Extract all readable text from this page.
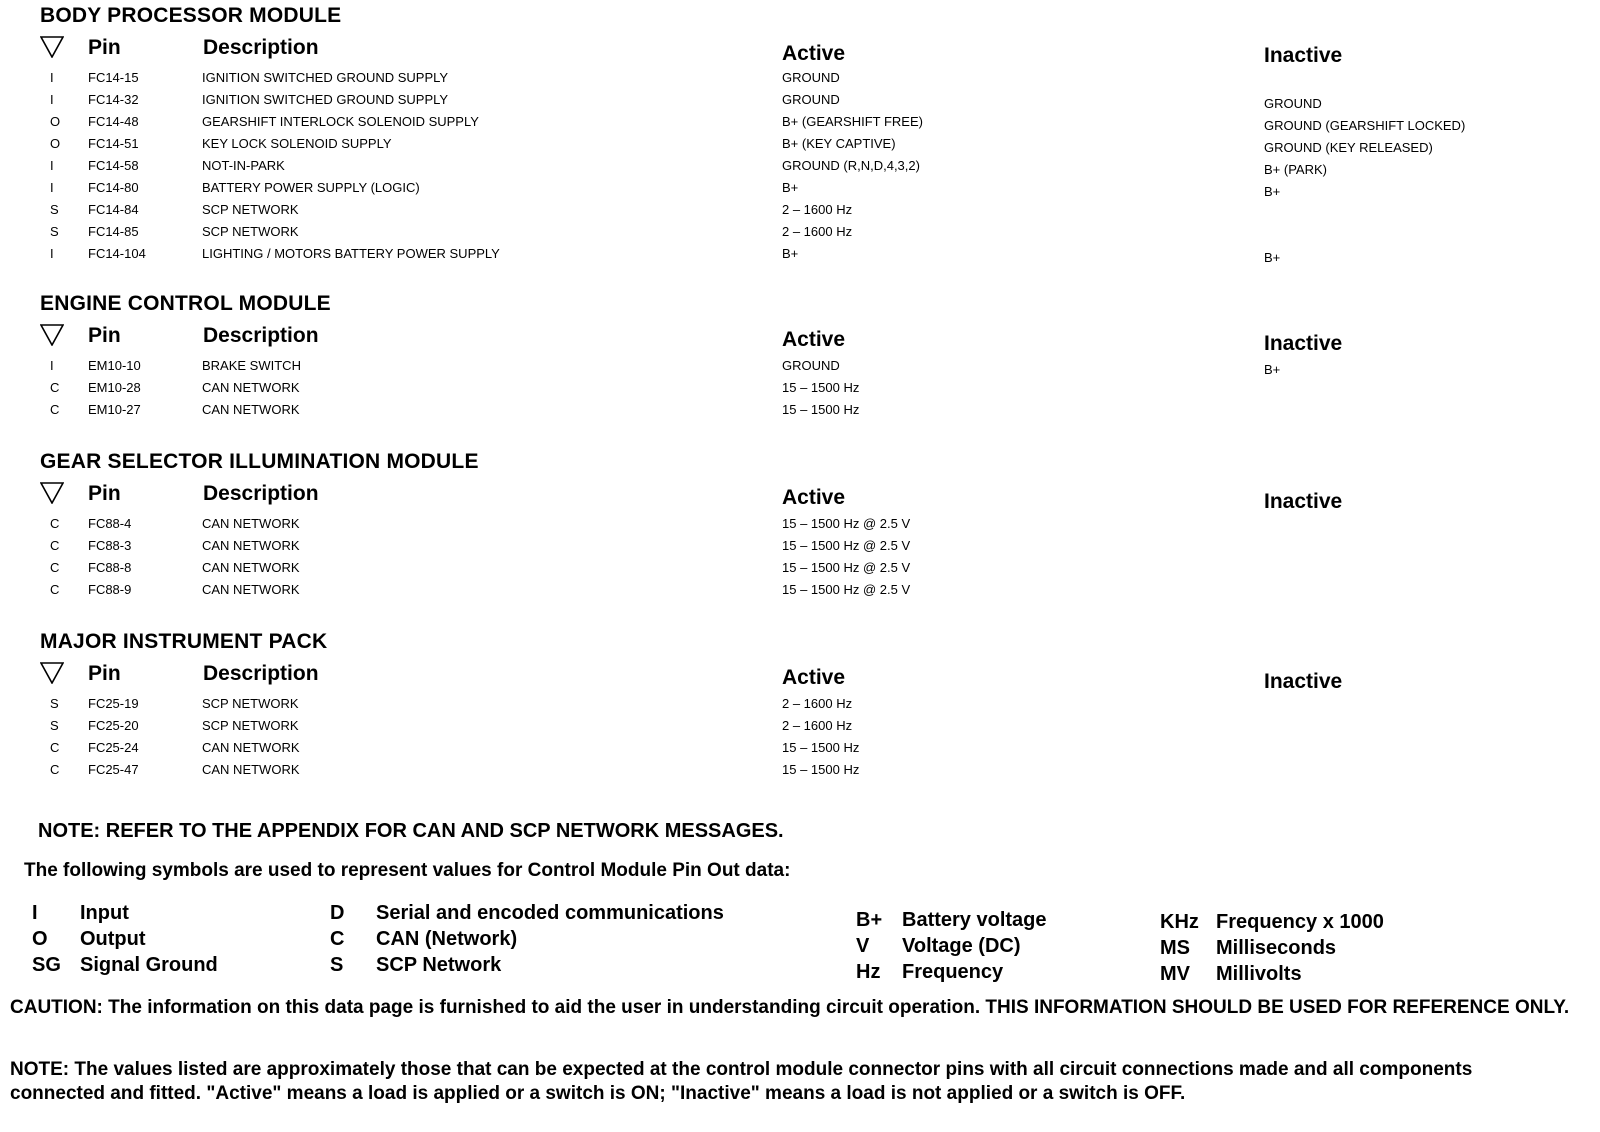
BODY PROCESSOR MODULE
Pin	Description	Active	Inactive
I	FC14-15	IGNITION SWITCHED GROUND SUPPLY	GROUND
I	FC14-32	IGNITION SWITCHED GROUND SUPPLY	GROUND	GROUND
O FC14-48	GEARSHIFT INTERLOCK SOLENOID SUPPLY	B+ (GEARSHIFT FREE)	GROUND (GEARSHIFT LOCKED)
O FC14-51	KEY LOCK SOLENOID SUPPLY	B+ (KEY CAPTIVE)	GROUND (KEY RELEASED)
I	FC14-58	NOT-IN-PARK	GROUND (R,N,D,4,3,2)	B+ (PARK)
I	FC14-80	BATTERY POWER SUPPLY (LOGIC)	B+	B+
S FC14-84	SCP NETWORK	2 – 1600 Hz
S FC14-85	SCP NETWORK	2 – 1600 Hz
I	FC14-104	LIGHTING / MOTORS BATTERY POWER SUPPLY	B+	B+
ENGINE CONTROL MODULE
Pin	Description	Active	Inactive
I	EM10-10	BRAKE SWITCH	GROUND	B+
C EM10-28	CAN NETWORK	15 – 1500 Hz
C EM10-27	CAN NETWORK	15 – 1500 Hz
GEAR SELECTOR ILLUMINATION MODULE
Pin	Description	Active	Inactive
C FC88-4	CAN NETWORK	15 – 1500 Hz @ 2.5 V
C FC88-3	CAN NETWORK	15 – 1500 Hz @ 2.5 V
C FC88-8	CAN NETWORK	15 – 1500 Hz @ 2.5 V
C FC88-9	CAN NETWORK	15 – 1500 Hz @ 2.5 V
MAJOR INSTRUMENT PACK
Pin	Description	Active	Inactive
S FC25-19	SCP NETWORK	2 – 1600 Hz
S FC25-20	SCP NETWORK	2 – 1600 Hz
C FC25-24	CAN NETWORK	15 – 1500 Hz
C FC25-47	CAN NETWORK	15 – 1500 Hz
NOTE: REFER TO THE APPENDIX FOR CAN AND SCP NETWORK MESSAGES.
The following symbols are used to represent values for Control Module Pin Out data:
I Input
O Output
SG Signal Ground
D Serial and encoded communications
C CAN (Network)
S SCP Network
B+ Battery voltage
V Voltage (DC)
Hz Frequency
KHz Frequency x 1000
MS Milliseconds
MV Millivolts
CAUTION: The information on this data page is furnished to aid the user in understanding circuit operation. THIS INFORMATION SHOULD BE USED FOR REFERENCE ONLY.
NOTE: The values listed are approximately those that can be expected at the control module connector pins with all circuit connections made and all components connected and fitted. "Active" means a load is applied or a switch is ON; "Inactive" means a load is not applied or a switch is OFF.
